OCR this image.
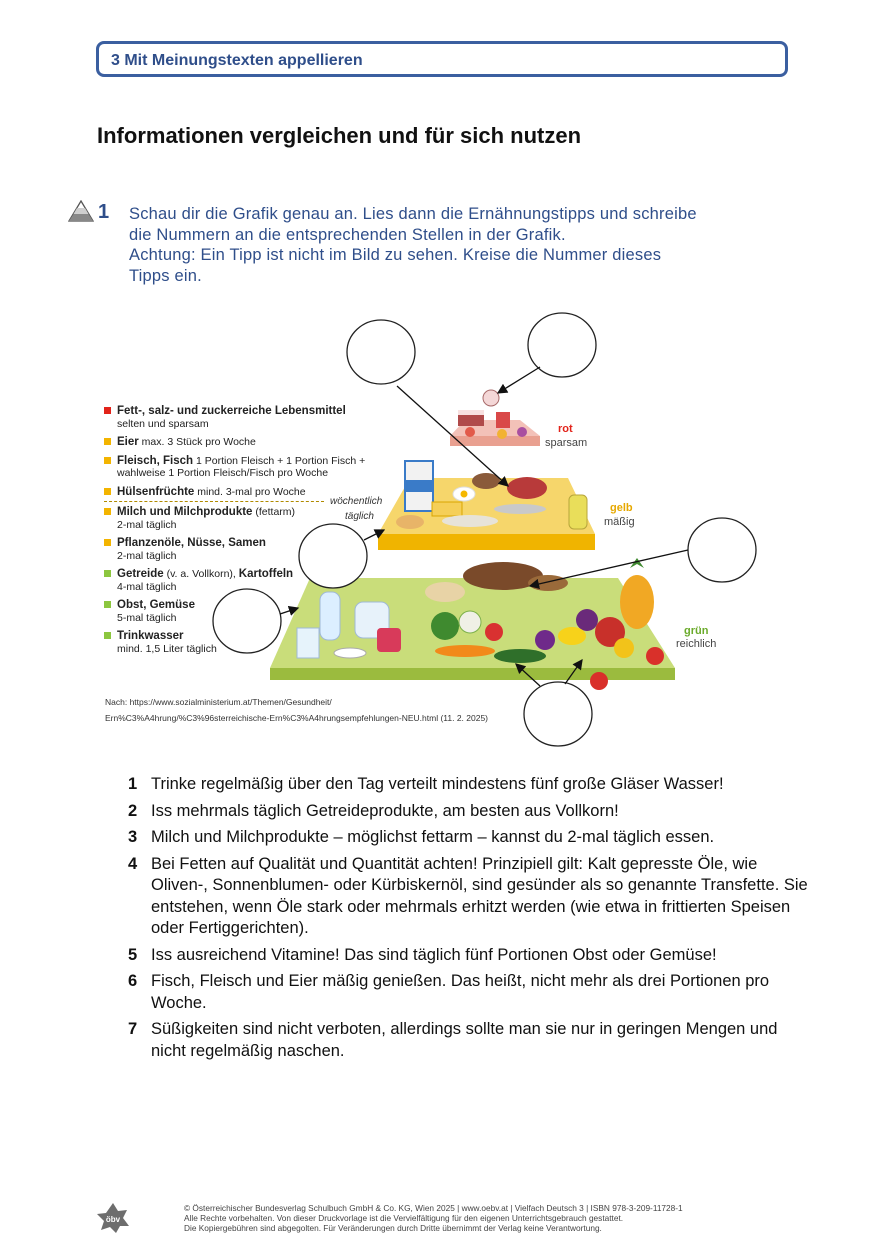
3 Mit Meinungstexten appellieren
Informationen vergleichen und für sich nutzen
1 Schau dir die Grafik genau an. Lies dann die Ernähnungstipps und schreibe
die Nummern an die entsprechenden Stellen in der Grafik.
Achtung: Ein Tipp ist nicht im Bild zu sehen. Kreise die Nummer dieses
Tipps ein.
Fett-, salz- und zuckerreiche Lebensmittel
selten und sparsam
Eier max. 3 Stück pro Woche
Fleisch, Fisch 1 Portion Fleisch + 1 Portion Fisch +
wahlweise 1 Portion Fleisch/Fisch pro Woche
Hülsenfrüchte mind. 3-mal pro Woche
Milch und Milchprodukte (fettarm)
2-mal täglich
Pflanzenöle, Nüsse, Samen
2-mal täglich
Getreide (v. a. Vollkorn), Kartoffeln
4-mal täglich
Obst, Gemüse
5-mal täglich
Trinkwasser
mind. 1,5 Liter täglich
wöchentlich
täglich
rot
sparsam
gelb
mäßig
grün
reichlich
Nach: https://www.sozialministerium.at/Themen/Gesundheit/
Ern%C3%A4hrung/%C3%96sterreichische-Ern%C3%A4hrungsempfehlungen-NEU.html (11. 2. 2025)
1 Trinke regelmäßig über den Tag verteilt mindestens fünf große Gläser Wasser!
2 Iss mehrmals täglich Getreideprodukte, am besten aus Vollkorn!
3 Milch und Milchprodukte – möglichst fettarm – kannst du 2-mal täglich essen.
4 Bei Fetten auf Qualität und Quantität achten! Prinzipiell gilt: Kalt gepresste Öle, wie Oliven-, Sonnenblumen- oder Kürbiskernöl, sind gesünder als so genannte Transfette. Sie entstehen, wenn Öle stark oder mehrmals erhitzt werden (wie etwa in frittierten Speisen oder Fertiggerichten).
5 Iss ausreichend Vitamine! Das sind täglich fünf Portionen Obst oder Gemüse!
6 Fisch, Fleisch und Eier mäßig genießen. Das heißt, nicht mehr als drei Portionen pro Woche.
7 Süßigkeiten sind nicht verboten, allerdings sollte man sie nur in geringen Mengen und nicht regelmäßig naschen.
öbv
© Österreichischer Bundesverlag Schulbuch GmbH & Co. KG, Wien 2025 | www.oebv.at | Vielfach Deutsch 3 | ISBN 978-3-209-11728-1
Alle Rechte vorbehalten. Von dieser Druckvorlage ist die Vervielfältigung für den eigenen Unterrichtsgebrauch gestattet.
Die Kopiergebühren sind abgegolten. Für Veränderungen durch Dritte übernimmt der Verlag keine Verantwortung.
